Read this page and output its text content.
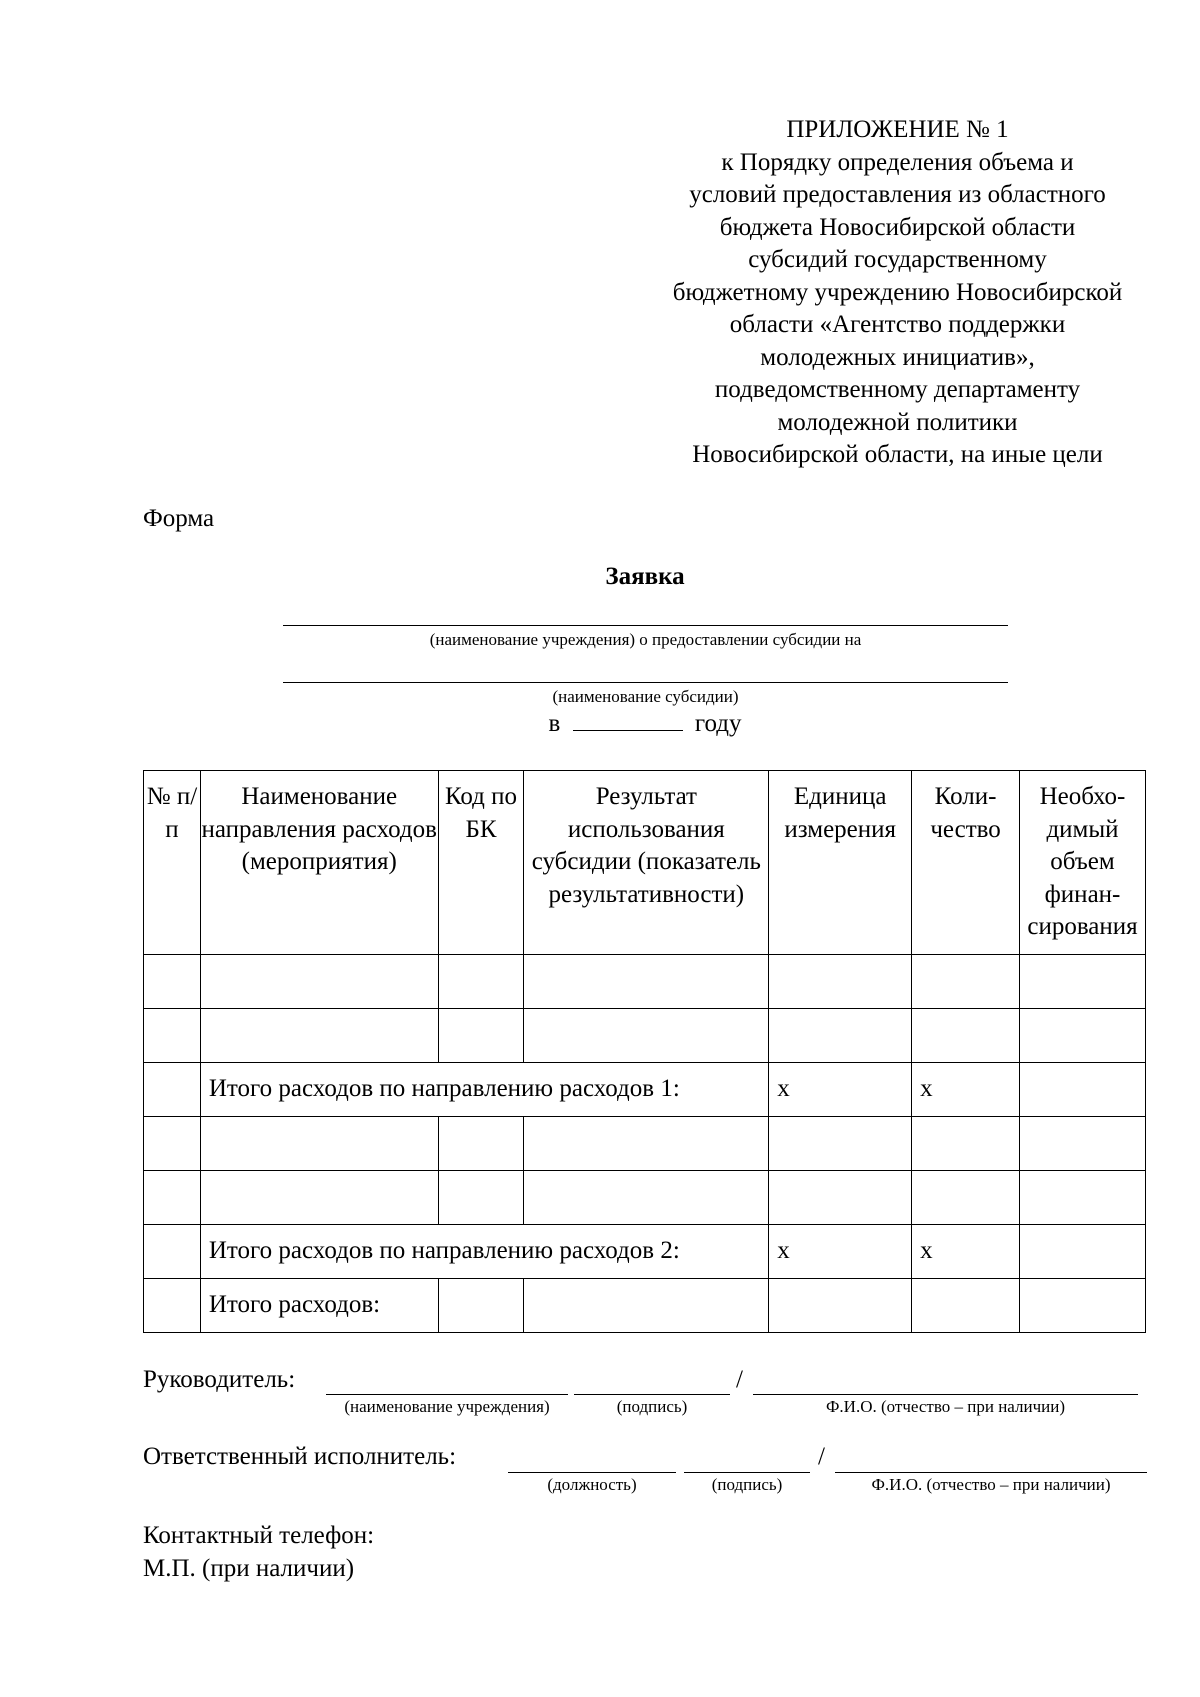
ПРИЛОЖЕНИЕ № 1
к Порядку определения объема и
условий предоставления из областного
бюджета Новосибирской области
субсидий государственному
бюджетному учреждению Новосибирской
области «Агентство поддержки
молодежных инициатив»,
подведомственному департаменту
молодежной политики
Новосибирской области, на иные цели
Форма
Заявка
(наименование учреждения) о предоставлении субсидии на
(наименование субсидии)
в	году
№ п/п	Наименование направления расходов (мероприятия)	Код по БК	Результат использования субсидии (показатель результативности)	Единица измерения	Коли- чество	Необхо- димый объем финан- сирования

	Итого расходов по направлению расходов 1:			х	х	

	Итого расходов по направлению расходов 2:			х	х	
	Итого расходов:					
Руководитель:	/
(наименование учреждения)	(подпись)	Ф.И.О. (отчество – при наличии)
Ответственный исполнитель:	/
(должность)	(подпись)	Ф.И.О. (отчество – при наличии)
Контактный телефон:
М.П. (при наличии)
